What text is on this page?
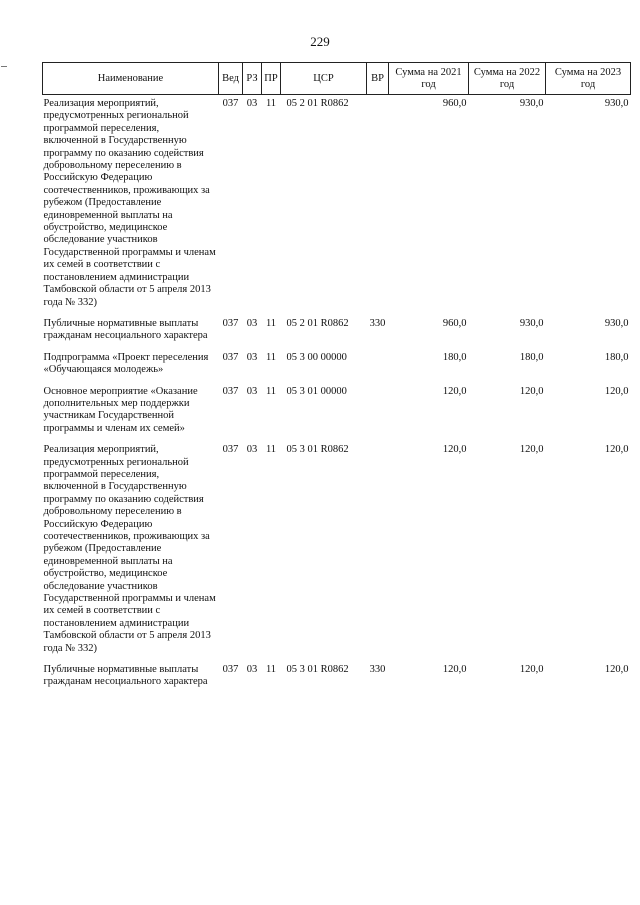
229
Наименование	Вед	РЗ	ПР	ЦСР	ВР	Сумма на 2021 год	Сумма на 2022 год	Сумма на 2023 год
Реализация мероприятий, предусмотренных региональной программой переселения, включенной в Государственную программу по оказанию содействия добровольному переселению в Российскую Федерацию соотечественников, проживающих за рубежом (Предоставление единовременной выплаты на обустройство, медицинское обследование участников Государственной программы и членам их семей в соответствии с постановлением администрации Тамбовской области от 5 апреля 2013 года № 332)	037	03	11	05 2 01 R0862		960,0	930,0	930,0
Публичные нормативные выплаты гражданам несоциального характера	037	03	11	05 2 01 R0862	330	960,0	930,0	930,0
Подпрограмма «Проект переселения «Обучающаяся молодежь»	037	03	11	05 3 00 00000		180,0	180,0	180,0
Основное мероприятие «Оказание дополнительных мер поддержки участникам Государственной программы и членам их семей»	037	03	11	05 3 01 00000		120,0	120,0	120,0
Реализация мероприятий, предусмотренных региональной программой переселения, включенной в Государственную программу по оказанию содействия добровольному переселению в Российскую Федерацию соотечественников, проживающих за рубежом (Предоставление единовременной выплаты на обустройство, медицинское обследование участников Государственной программы и членам их семей в соответствии с постановлением администрации Тамбовской области от 5 апреля 2013 года № 332)	037	03	11	05 3 01 R0862		120,0	120,0	120,0
Публичные нормативные выплаты гражданам несоциального характера	037	03	11	05 3 01 R0862	330	120,0	120,0	120,0
